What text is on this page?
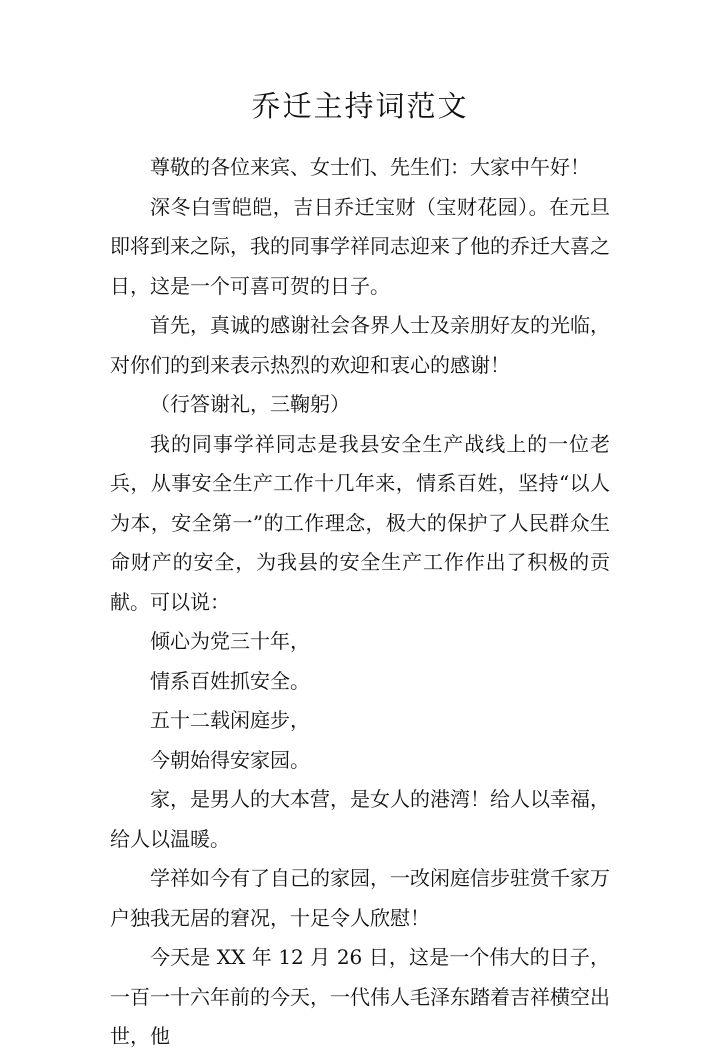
乔迁主持词范文

尊敬的各位来宾、女士们、先生们：大家中午好！

深冬白雪皑皑，吉日乔迁宝财（宝财花园）。在元旦即将到来之际，我的同事学祥同志迎来了他的乔迁大喜之日，这是一个可喜可贺的日子。

首先，真诚的感谢社会各界人士及亲朋好友的光临，对你们的到来表示热烈的欢迎和衷心的感谢！

（行答谢礼，三鞠躬）

我的同事学祥同志是我县安全生产战线上的一位老兵，从事安全生产工作十几年来，情系百姓，坚持“以人为本，安全第一”的工作理念，极大的保护了人民群众生命财产的安全，为我县的安全生产工作作出了积极的贡献。可以说：

倾心为党三十年，

情系百姓抓安全。

五十二载闲庭步，

今朝始得安家园。

家，是男人的大本营，是女人的港湾！给人以幸福，给人以温暖。

学祥如今有了自己的家园，一改闲庭信步驻赏千家万户独我无居的窘况，十足令人欣慰！

今天是 XX 年 12 月 26 日，这是一个伟大的日子，一百一十六年前的今天，一代伟人毛泽东踏着吉祥横空出世，他
